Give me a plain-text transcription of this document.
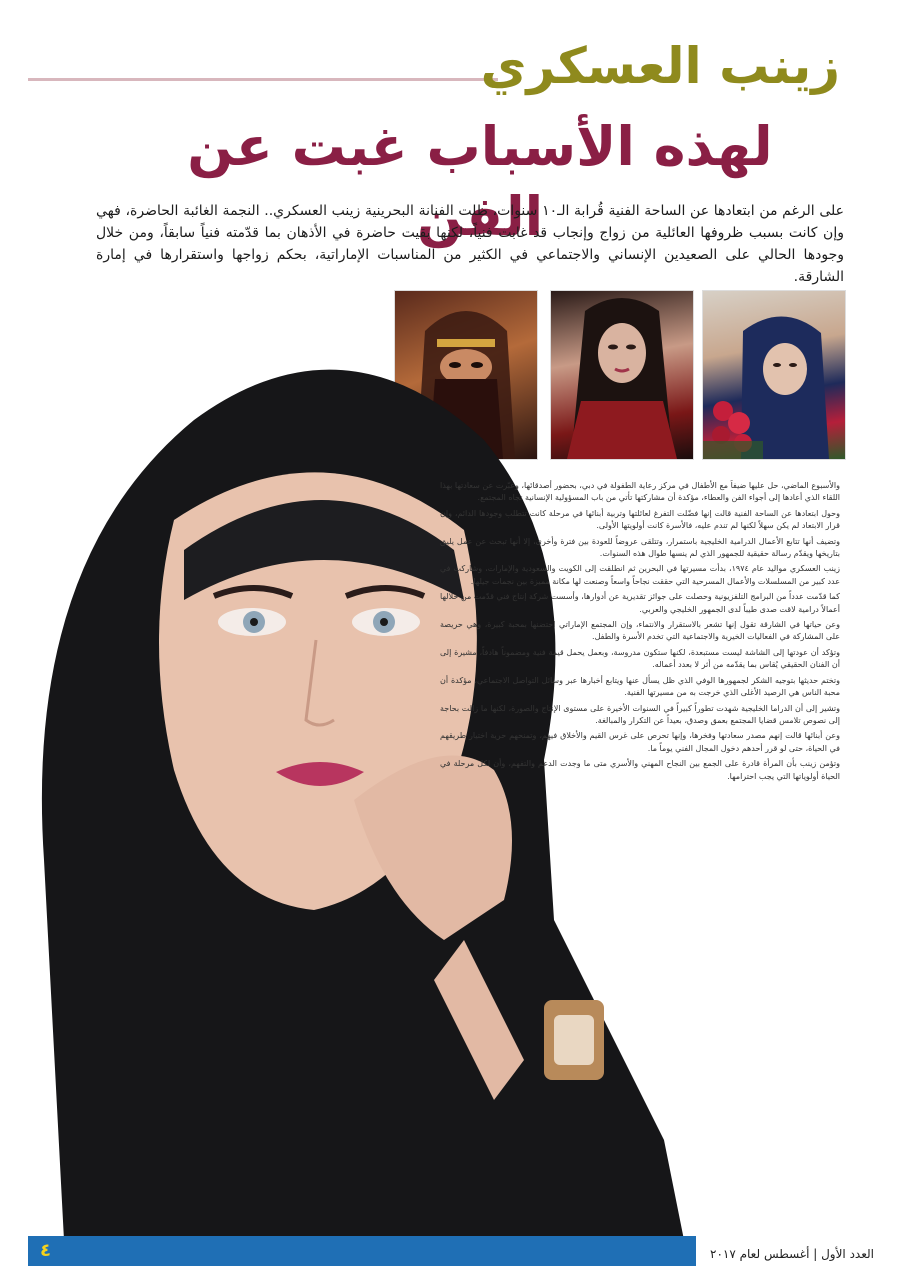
زينب العسكري
لهذه الأسباب غبت عن الفن

على الرغم من ابتعادها عن الساحة الفنية قُرابة الـ١٠ سنوات، ظلت الفنانة البحرينية زينب العسكري.. النجمة الغائبة الحاضرة، فهي وإن كانت بسبب ظروفها العائلية من زواج وإنجاب قد غابت فنياً، لكنها بقيت حاضرة في الأذهان بما قدّمته فنياً سابقاً، ومن خلال وجودها الحالي على الصعيدين الإنساني والاجتماعي في الكثير من المناسبات الإماراتية، بحكم زواجها واستقرارها في إمارة الشارقة.

والأسبوع الماضي، حل عليها ضيفاً مع الأطفال في مركز رعاية الطفولة في دبي، بحضور أصدقائها، وعبّرت عن سعادتها بهذا اللقاء الذي أعادها إلى أجواء الفن والعطاء، مؤكدة أن مشاركتها تأتي من باب المسؤولية الإنسانية تجاه المجتمع.

وحول ابتعادها عن الساحة الفنية قالت إنها فضّلت التفرغ لعائلتها وتربية أبنائها في مرحلة كانت تتطلب وجودها الدائم، وإن قرار الابتعاد لم يكن سهلاً لكنها لم تندم عليه، فالأسرة كانت أولويتها الأولى.

وتضيف أنها تتابع الأعمال الدرامية الخليجية باستمرار، وتتلقى عروضاً للعودة بين فترة وأخرى، إلا أنها تبحث عن عمل يليق بتاريخها ويقدّم رسالة حقيقية للجمهور الذي لم ينسها طوال هذه السنوات.

زينب العسكري مواليد عام ١٩٧٤، بدأت مسيرتها في البحرين ثم انطلقت إلى الكويت والسعودية والإمارات، وشاركت في عدد كبير من المسلسلات والأعمال المسرحية التي حققت نجاحاً واسعاً وصنعت لها مكانة مميزة بين نجمات جيلها.

كما قدّمت عدداً من البرامج التلفزيونية وحصلت على جوائز تقديرية عن أدوارها، وأسست شركة إنتاج فني قدّمت من خلالها أعمالاً درامية لاقت صدى طيباً لدى الجمهور الخليجي والعربي.

وعن حياتها في الشارقة تقول إنها تشعر بالاستقرار والانتماء، وإن المجتمع الإماراتي احتضنها بمحبة كبيرة، وهي حريصة على المشاركة في الفعاليات الخيرية والاجتماعية التي تخدم الأسرة والطفل.

وتؤكد أن عودتها إلى الشاشة ليست مستبعدة، لكنها ستكون مدروسة، وبعمل يحمل قيمة فنية ومضموناً هادفاً، مشيرة إلى أن الفنان الحقيقي يُقاس بما يقدّمه من أثر لا بعدد أعماله.

وتختم حديثها بتوجيه الشكر لجمهورها الوفي الذي ظل يسأل عنها ويتابع أخبارها عبر وسائل التواصل الاجتماعي، مؤكدة أن محبة الناس هي الرصيد الأغلى الذي خرجت به من مسيرتها الفنية.

وتشير إلى أن الدراما الخليجية شهدت تطوراً كبيراً في السنوات الأخيرة على مستوى الإنتاج والصورة، لكنها ما زالت بحاجة إلى نصوص تلامس قضايا المجتمع بعمق وصدق، بعيداً عن التكرار والمبالغة.

وعن أبنائها قالت إنهم مصدر سعادتها وفخرها، وإنها تحرص على غرس القيم والأخلاق فيهم، وتمنحهم حرية اختيار طريقهم في الحياة، حتى لو قرر أحدهم دخول المجال الفني يوماً ما.

وتؤمن زينب بأن المرأة قادرة على الجمع بين النجاح المهني والأسري متى ما وجدت الدعم والتفهم، وأن لكل مرحلة في الحياة أولوياتها التي يجب احترامها.

٤	العدد الأول | أغسطس لعام ٢٠١٧
